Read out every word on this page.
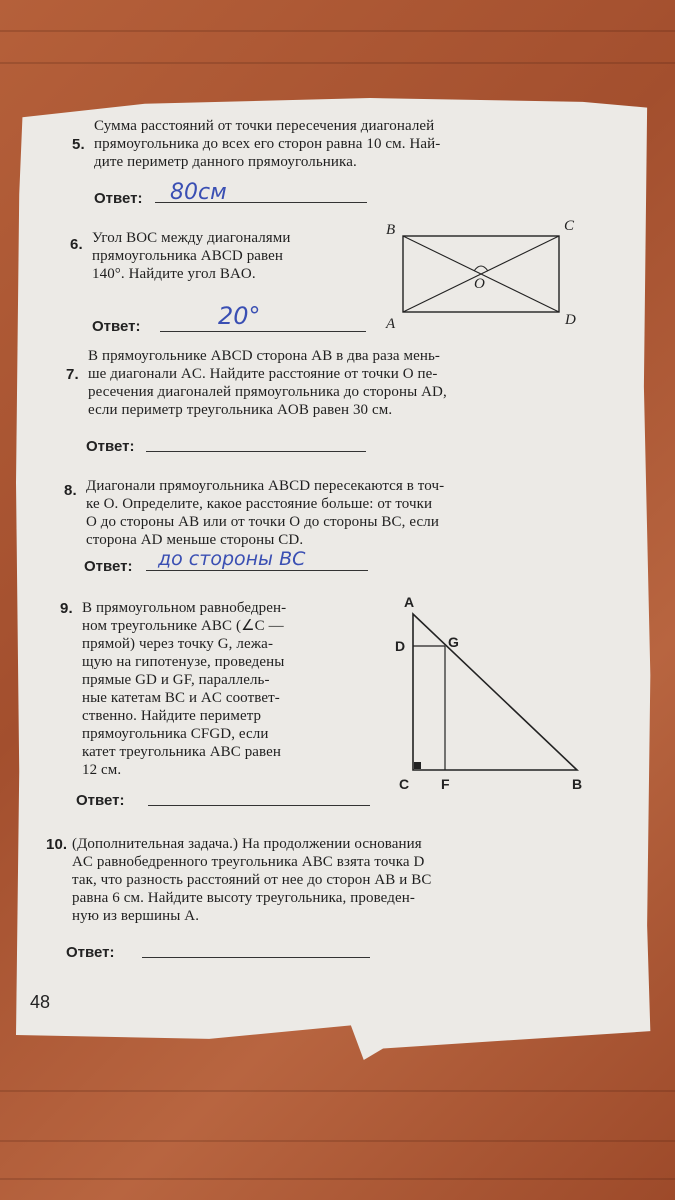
5.
Сумма расстояний от точки пересечения диагоналей
прямоугольника до всех его сторон равна 10 см. Най-
дите периметр данного прямоугольника.
Ответ: 80см
6. Угол BOC между диагоналями
прямоугольника ABCD равен
140°. Найдите угол BAO.
Ответ:	20°
B	C
A	D
O
7.
В прямоугольнике ABCD сторона AB в два раза мень-
ше диагонали AC. Найдите расстояние от точки O пе-
ресечения диагоналей прямоугольника до стороны AD,
если периметр треугольника AOB равен 30 см.
Ответ:
8. Диагонали прямоугольника ABCD пересекаются в точ-
ке O. Определите, какое расстояние больше: от точки
O до стороны AB или от точки O до стороны BC, если
сторона AD меньше стороны CD.
Ответ: до стороны BC
9. В прямоугольном равнобедрен-
ном треугольнике ABC (∠C —
прямой) через точку G, лежа-
щую на гипотенузе, проведены
прямые GD и GF, параллель-
ные катетам BC и AC соответ-
ственно. Найдите периметр
прямоугольника CFGD, если
катет треугольника ABC равен
12 см.
Ответ:
A
D	G
C F	B
10. (Дополнительная задача.) На продолжении основания
AC равнобедренного треугольника ABC взята точка D
так, что разность расстояний от нее до сторон AB и BC
равна 6 см. Найдите высоту треугольника, проведен-
ную из вершины A.
Ответ:
48
